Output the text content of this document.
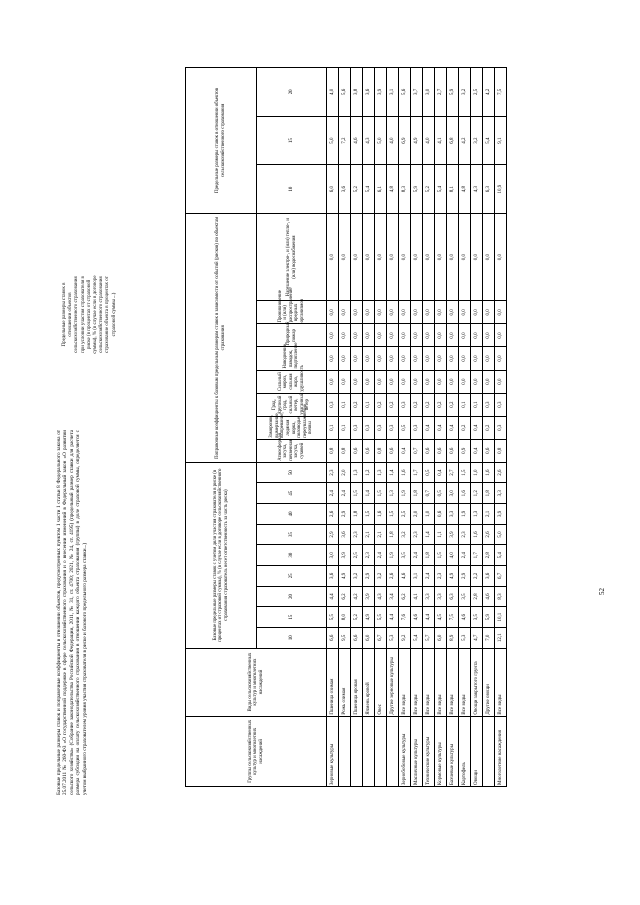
Базовые предельные размеры ставок и поправочные коэффициенты в отношении объектов, предусмотренных пунктом 1 части 1 статьи 8 Федерального закона от 25.07.2011 № 260-ФЗ «О государственной поддержке в сфере сельскохозяйственного страхования и о внесении изменений в Федеральный закон «О развитии сельского хозяйства» (Собрание законодательства Российской Федерации, 2011, № 31, ст. 4700; 2021, № 24, ст. 4195) (предельный размер ставки для расчета размера субсидии на оплату сельскохозяйственного страхования в отношении каждого объекта страхования (группы) в доле страховой суммы, определяется с учетом выбранного страхователем уровня участия страхователя в риске и базового предельного размера ставки...)

Предельные размеры ставок в отношении объектов сельскохозяйственного страхования при условии участия страхователя в риске (в процентах от страховой суммы), % (в случае если в договоре сельскохозяйственного страхования страхование объекта в процентах от страховой суммы ...)
Группы сельскохозяйственных культур и многолетних насаждений	Виды сельскохозяйственных культур и многолетних насаждений	Базовые предельные размеры ставок с учетом доли участия страхователя в риске (в процентах от страховой суммы), % (в случае если в договоре сельскохозяйственного страхования страхователь несет ответственность за часть риска)									Поправочные коэффициенты к базовым предельным размерам ставок в зависимости от событий (рисков) по объектам страхования								Предельные размеры ставок в отношении объектов сельскохозяйственного страхования		
		10	15	20	25	30	35	40	45	50	Атмосферная засуха, почвенная засуха, суховей	Заморозок, вымерзание, выпревание, ледяная корка, половодье, переувлажнение почвы	Град, крупный град, сильный ветер, ураганный ветер	Сильный мороз, сильная жара, удушливость	Наводнение, паводок, подтопление	Природный пожар	Проникновение и (или) распространение вредных организмов	Нарушение электро-, и (или) тепло-, и (или) водоснабжения	10	15	20
Зерновые культуры	Пшеница озимая	6,6	5,5	4,4	3,6	3,0	2,9	2,6	2,4	2,3	0,8	0,1	0,3	0,0	0,0	0,0	0,0	0,0	6,0	5,0	4,0
	Рожь озимая	9,5	8,0	6,2	4,9	3,9	3,6	2,9	2,4	2,0	0,8	0,1	0,1	0,0	0,0	0,0	0,0	0,0	3,6	7,2	5,6
	Пшеница яровая	6,6	5,2	4,2	3,2	2,5	2,3	1,8	1,5	1,3	0,6	0,3	0,2	0,0	0,0	0,0	0,0	0,0	5,2	4,6	3,8
	Ячмень яровой	6,0	4,9	3,9	2,9	2,3	2,1	1,5	1,4	1,2	0,6	0,3	0,1	0,0	0,0	0,0	0,0	0,0	5,4	4,3	3,6
	Овес	6,7	5,5	4,3	3,2	2,4	2,1	1,6	1,5	1,3	0,8	0,3	0,2	0,0	0,0	0,0	0,0	0,0	6,1	5,0	3,9
	Другие зерновые культуры	5,3	4,4	3,4	2,6	1,9	1,8	1,5	1,3	1,4	0,6	0,3	0,2	0,0	0,0	0,0	0,0	0,0	4,8	4,0	3,1
Зернобобовые культуры	Все виды	9,2	7,6	6,2	4,6	3,5	3,2	2,5	1,9	1,6	0,4	0,5	0,3	0,0	0,0	0,0	0,0	0,0	8,3	6,9	5,6
Масличные культуры	Все виды	5,4	4,6	4,1	3,1	2,4	2,3	2,0	1,8	1,7	0,7	0,3	0,2	0,0	0,0	0,0	0,0	0,0	5,9	4,9	3,7
Технические культуры	Все виды	5,7	4,4	3,3	2,4	1,8	1,4	1,0	0,7	0,5	0,6	0,4	0,2	0,0	0,0	0,0	0,0	0,0	5,2	4,0	3,0
Кормовые культуры	Все виды	6,0	4,5	3,3	2,3	1,5	1,1	0,6	0,5	0,4	0,6	0,4	0,2	0,0	0,0	0,0	0,0	0,0	5,4	4,1	2,7
Бахчевые культуры	Все виды	8,9	7,5	6,3	4,9	4,0	3,9	3,3	3,0	2,7	0,6	0,4	0,2	0,0	0,0	0,0	0,0	0,0	8,1	6,8	5,9
Картофель	Все виды	5,3	4,6	3,5	2,9	2,4	2,3	1,9	1,6	1,5	0,9	0,2	0,1	0,0	0,0	0,0	0,0	0,0	4,8	4,2	3,2
Овощи	Овощи закрытого грунта	4,7	3,5	2,8	2,2	1,7	1,6	1,3	1,2	1,0	0,4	0,4	0,1	0,0	0,0	0,0	0,0	0,0	4,3	3,2	2,5
	Другие овощи	7,0	5,9	4,6	3,6	2,8	2,6	2,1	1,8	1,6	0,6	0,2	0,3	0,0	0,0	0,0	0,0	0,0	6,3	5,4	4,2
Многолетние насаждения	Все виды	12,1	10,1	8,3	6,7	5,4	5,0	3,9	3,3	2,6	0,8	0,3	0,3	0,0	0,0	0,0	0,0	0,0	10,9	9,1	7,5
52
